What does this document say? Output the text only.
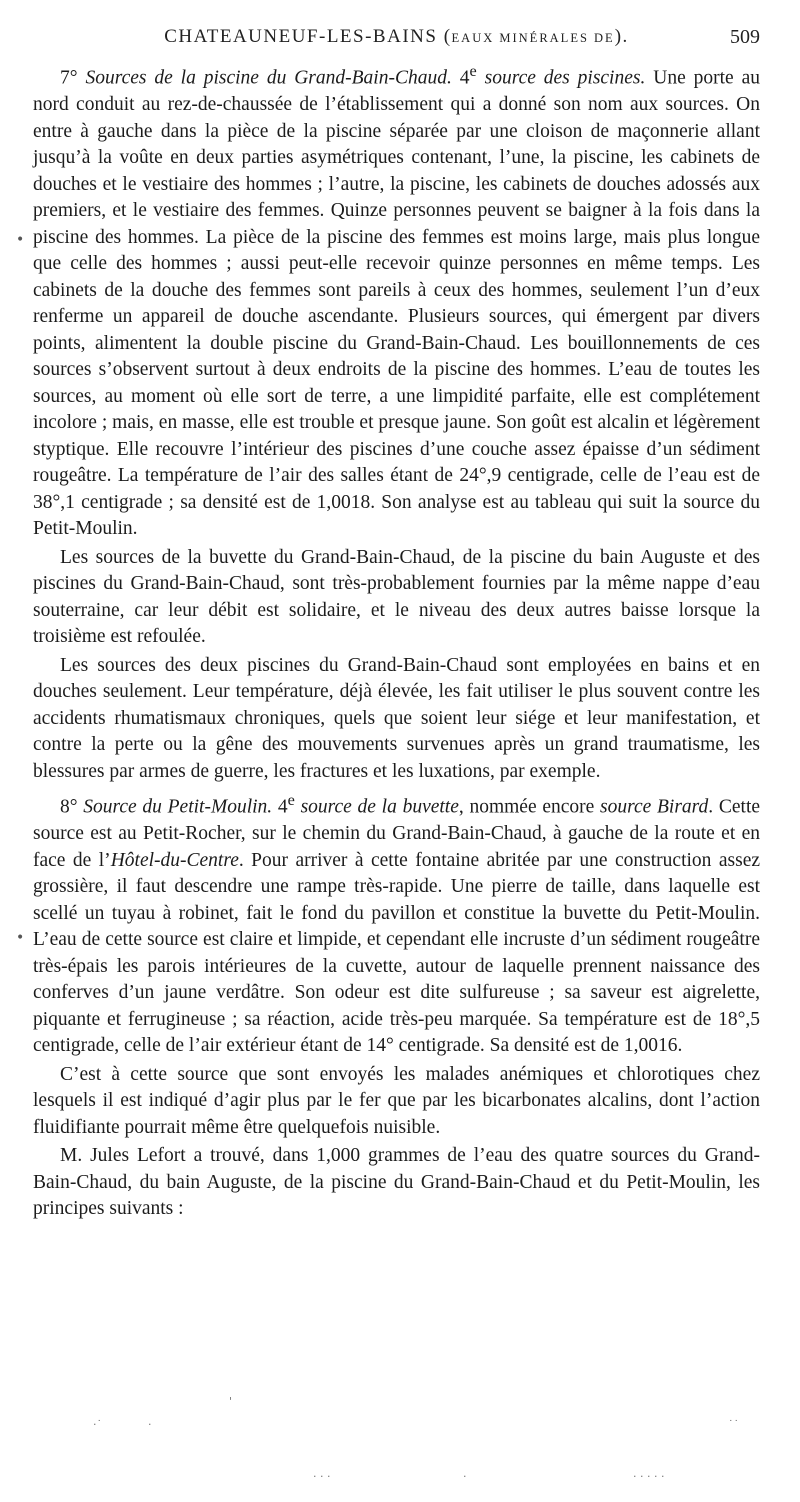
CHATEAUNEUF-LES-BAINS (EAUX MINÉRALES DE).	509
•
•

7° Sources de la piscine du Grand-Bain-Chaud. 4e source des piscines. Une porte au nord conduit au rez-de-chaussée de l’établissement qui a donné son nom aux sources. On entre à gauche dans la pièce de la piscine séparée par une cloison de maçonnerie allant jusqu’à la voûte en deux parties asymétriques contenant, l’une, la piscine, les cabinets de douches et le vestiaire des hommes ; l’autre, la piscine, les cabinets de douches adossés aux premiers, et le vestiaire des femmes. Quinze personnes peuvent se baigner à la fois dans la piscine des hommes. La pièce de la piscine des femmes est moins large, mais plus longue que celle des hommes ; aussi peut-elle recevoir quinze personnes en même temps. Les cabinets de la douche des femmes sont pareils à ceux des hommes, seulement l’un d’eux renferme un appareil de douche ascendante. Plusieurs sources, qui émergent par divers points, alimentent la double piscine du Grand-Bain-Chaud. Les bouillonnements de ces sources s’observent surtout à deux endroits de la piscine des hommes. L’eau de toutes les sources, au moment où elle sort de terre, a une limpidité parfaite, elle est complétement incolore ; mais, en masse, elle est trouble et presque jaune. Son goût est alcalin et légèrement styptique. Elle recouvre l’intérieur des piscines d’une couche assez épaisse d’un sédiment rougeâtre. La température de l’air des salles étant de 24°,9 centigrade, celle de l’eau est de 38°,1 centigrade ; sa densité est de 1,0018. Son analyse est au tableau qui suit la source du Petit-Moulin.

Les sources de la buvette du Grand-Bain-Chaud, de la piscine du bain Auguste et des piscines du Grand-Bain-Chaud, sont très-probablement fournies par la même nappe d’eau souterraine, car leur débit est solidaire, et le niveau des deux autres baisse lorsque la troisième est refoulée.

Les sources des deux piscines du Grand-Bain-Chaud sont employées en bains et en douches seulement. Leur température, déjà élevée, les fait utiliser le plus souvent contre les accidents rhumatismaux chroniques, quels que soient leur siége et leur manifestation, et contre la perte ou la gêne des mouvements survenues après un grand traumatisme, les blessures par armes de guerre, les fractures et les luxations, par exemple.

8° Source du Petit-Moulin. 4e source de la buvette, nommée encore source Birard. Cette source est au Petit-Rocher, sur le chemin du Grand-Bain-Chaud, à gauche de la route et en face de l’Hôtel-du-Centre. Pour arriver à cette fontaine abritée par une construction assez grossière, il faut descendre une rampe très-rapide. Une pierre de taille, dans laquelle est scellé un tuyau à robinet, fait le fond du pavillon et constitue la buvette du Petit-Moulin. L’eau de cette source est claire et limpide, et cependant elle incruste d’un sédiment rougeâtre très-épais les parois intérieures de la cuvette, autour de laquelle prennent naissance des conferves d’un jaune verdâtre. Son odeur est dite sulfureuse ; sa saveur est aigrelette, piquante et ferrugineuse ; sa réaction, acide très-peu marquée. Sa température est de 18°,5 centigrade, celle de l’air extérieur étant de 14° centigrade. Sa densité est de 1,0016.

C’est à cette source que sont envoyés les malades anémiques et chlorotiques chez lesquels il est indiqué d’agir plus par le fer que par les bicarbonates alcalins, dont l’action fluidifiante pourrait même être quelquefois nuisible.

M. Jules Lefort a trouvé, dans 1,000 grammes de l’eau des quatre sources du Grand-Bain-Chaud, du bain Auguste, de la piscine du Grand-Bain-Chaud et du Petit-Moulin, les principes suivants :

'
·˙	·	˙˙
· · ·	·	· · · · ·
